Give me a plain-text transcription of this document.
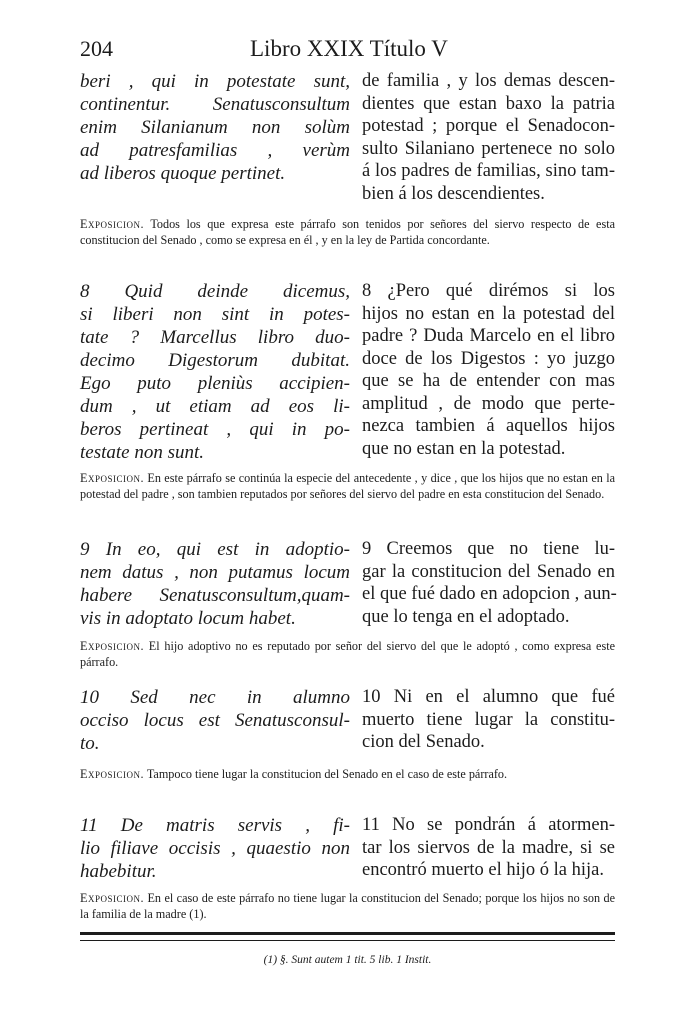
204	Libro XXIX Título V
beri , qui in potestate sunt,
continentur. Senatusconsultum
enim Silanianum non solùm
ad patresfamilias , verùm
ad liberos quoque pertinet.
de familia , y los demas descen-
dientes que estan baxo la patria
potestad ; porque el Senadocon-
sulto Silaniano pertenece no solo
á los padres de familias, sino tam-
bien á los descendientes.
Exposicion. Todos los que expresa este párrafo son tenidos por señores del siervo respecto de esta constitucion del Senado , como se expresa en él , y en la ley de Partida concordante.
8 Quid deinde dicemus,
si liberi non sint in potes-
tate ? Marcellus libro duo-
decimo Digestorum dubitat.
Ego puto pleniùs accipien-
dum , ut etiam ad eos li-
beros pertineat , qui in po-
testate non sunt.
8 ¿Pero qué dirémos si los
hijos no estan en la potestad del
padre ? Duda Marcelo en el libro
doce de los Digestos : yo juzgo
que se ha de entender con mas
amplitud , de modo que perte-
nezca tambien á aquellos hijos
que no estan en la potestad.
Exposicion. En este párrafo se continúa la especie del antecedente , y dice , que los hijos que no estan en la potestad del padre , son tambien reputados por señores del siervo del padre en esta constitucion del Senado.
9 In eo, qui est in adoptio-
nem datus , non putamus locum
habere Senatusconsultum,quam-
vis in adoptato locum habet.
9 Creemos que no tiene lu-
gar la constitucion del Senado en
el que fué dado en adopcion , aun-
que lo tenga en el adoptado.
Exposicion. El hijo adoptivo no es reputado por señor del siervo del que le adoptó , como expresa este párrafo.
10 Sed nec in alumno
occiso locus est Senatusconsul-
to.
10 Ni en el alumno que fué
muerto tiene lugar la constitu-
cion del Senado.
Exposicion. Tampoco tiene lugar la constitucion del Senado en el caso de este párrafo.
11 De matris servis , fi-
lio filiave occisis , quaestio non
habebitur.
11 No se pondrán á atormen-
tar los siervos de la madre, si se
encontró muerto el hijo ó la hija.
Exposicion. En el caso de este párrafo no tiene lugar la constitucion del Senado; porque los hijos no son de la familia de la madre (1).
(1) §. Sunt autem 1 tit. 5 lib. 1 Instit.
